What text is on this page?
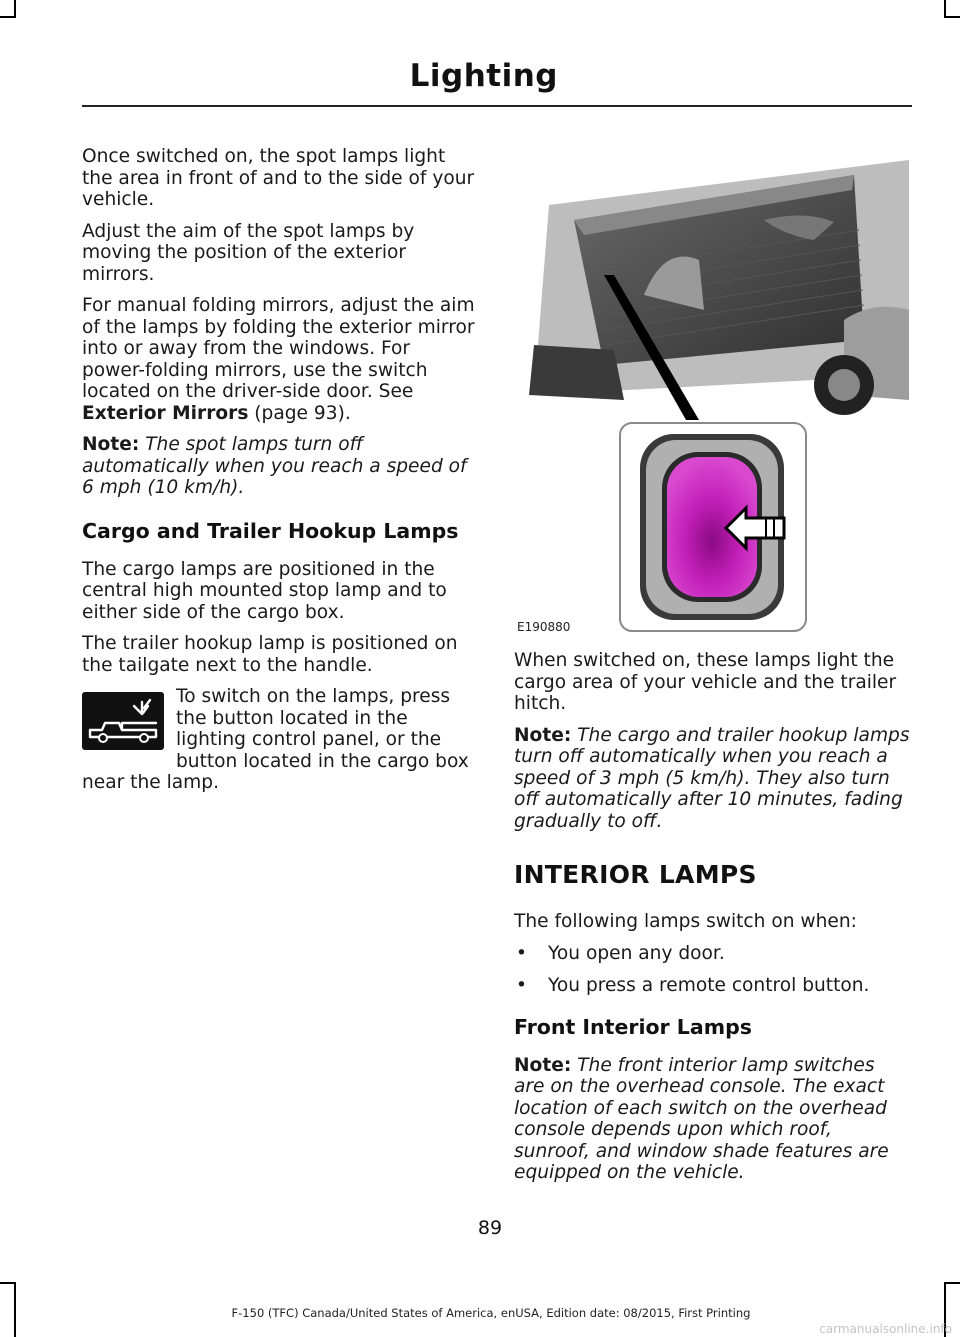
Lighting

Once switched on, the spot lamps light the area in front of and to the side of your vehicle.

Adjust the aim of the spot lamps by moving the position of the exterior mirrors.

For manual folding mirrors, adjust the aim of the lamps by folding the exterior mirror into or away from the windows. For power-folding mirrors, use the switch located on the driver-side door. See Exterior Mirrors (page 93).

Note: The spot lamps turn off automatically when you reach a speed of 6 mph (10 km/h).

Cargo and Trailer Hookup Lamps

The cargo lamps are positioned in the central high mounted stop lamp and to either side of the cargo box.

The trailer hookup lamp is positioned on the tailgate next to the handle.

To switch on the lamps, press the button located in the lighting control panel, or the button located in the cargo box near the lamp.

E190880

When switched on, these lamps light the cargo area of your vehicle and the trailer hitch.

Note: The cargo and trailer hookup lamps turn off automatically when you reach a speed of 3 mph (5 km/h). They also turn off automatically after 10 minutes, fading gradually to off.

INTERIOR LAMPS

The following lamps switch on when:

• You open any door.
• You press a remote control button.
Front Interior Lamps

Note: The front interior lamp switches are on the overhead console. The exact location of each switch on the overhead console depends upon which roof, sunroof, and window shade features are equipped on the vehicle.

89
F-150 (TFC) Canada/United States of America, enUSA, Edition date: 08/2015, First Printing
carmanualsonline.info
